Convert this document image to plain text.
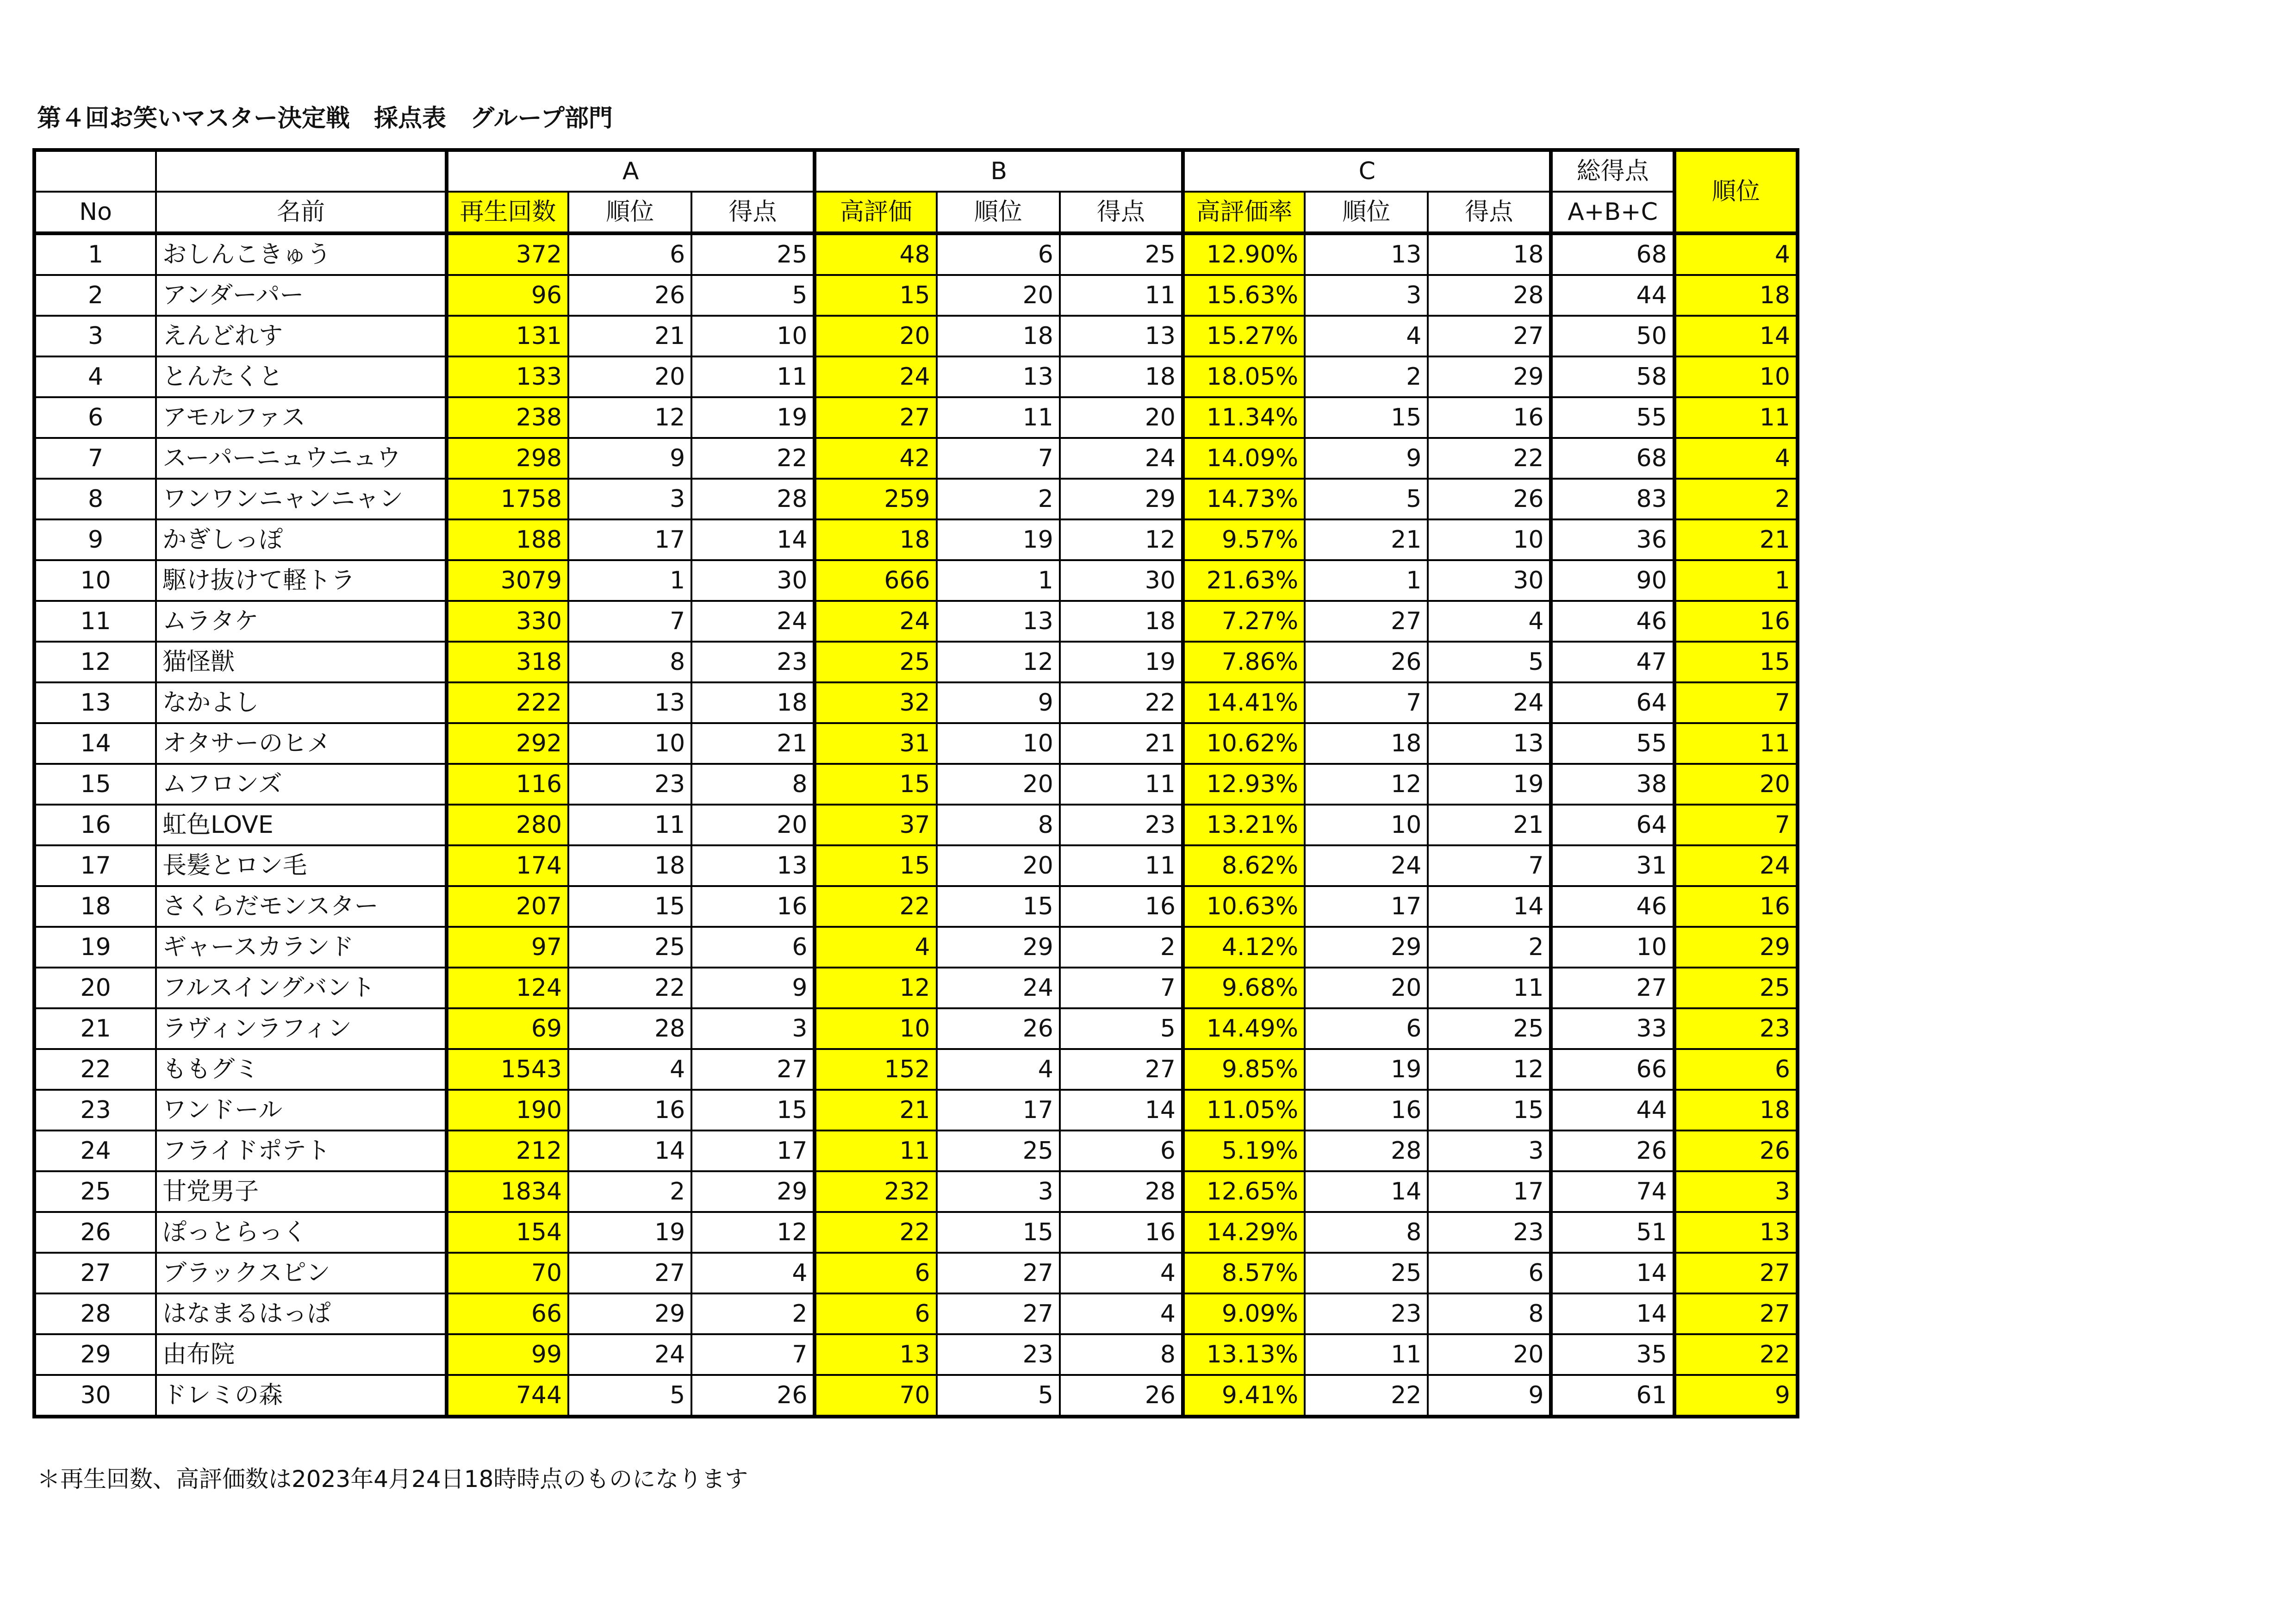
第４回お笑いマスター決定戦　採点表　グループ部門
		A			B			C			総得点	順位
No	名前	再生回数	順位	得点	高評価	順位	得点	高評価率	順位	得点	A+B+C	
1	おしんこきゅう	372	6	25	48	6	25	12.90%	13	18	68	4
2	アンダーパー	96	26	5	15	20	11	15.63%	3	28	44	18
3	えんどれす	131	21	10	20	18	13	15.27%	4	27	50	14
4	とんたくと	133	20	11	24	13	18	18.05%	2	29	58	10
6	アモルファス	238	12	19	27	11	20	11.34%	15	16	55	11
7	スーパーニュウニュウ	298	9	22	42	7	24	14.09%	9	22	68	4
8	ワンワンニャンニャン	1758	3	28	259	2	29	14.73%	5	26	83	2
9	かぎしっぽ	188	17	14	18	19	12	9.57%	21	10	36	21
10	駆け抜けて軽トラ	3079	1	30	666	1	30	21.63%	1	30	90	1
11	ムラタケ	330	7	24	24	13	18	7.27%	27	4	46	16
12	猫怪獣	318	8	23	25	12	19	7.86%	26	5	47	15
13	なかよし	222	13	18	32	9	22	14.41%	7	24	64	7
14	オタサーのヒメ	292	10	21	31	10	21	10.62%	18	13	55	11
15	ムフロンズ	116	23	8	15	20	11	12.93%	12	19	38	20
16	虹色LOVE	280	11	20	37	8	23	13.21%	10	21	64	7
17	長髪とロン毛	174	18	13	15	20	11	8.62%	24	7	31	24
18	さくらだモンスター	207	15	16	22	15	16	10.63%	17	14	46	16
19	ギャースカランド	97	25	6	4	29	2	4.12%	29	2	10	29
20	フルスイングバント	124	22	9	12	24	7	9.68%	20	11	27	25
21	ラヴィンラフィン	69	28	3	10	26	5	14.49%	6	25	33	23
22	ももグミ	1543	4	27	152	4	27	9.85%	19	12	66	6
23	ワンドール	190	16	15	21	17	14	11.05%	16	15	44	18
24	フライドポテト	212	14	17	11	25	6	5.19%	28	3	26	26
25	甘党男子	1834	2	29	232	3	28	12.65%	14	17	74	3
26	ぽっとらっく	154	19	12	22	15	16	14.29%	8	23	51	13
27	ブラックスピン	70	27	4	6	27	4	8.57%	25	6	14	27
28	はなまるはっぱ	66	29	2	6	27	4	9.09%	23	8	14	27
29	由布院	99	24	7	13	23	8	13.13%	11	20	35	22
30	ドレミの森	744	5	26	70	5	26	9.41%	22	9	61	9

＊再生回数、高評価数は2023年4月24日18時時点のものになります
